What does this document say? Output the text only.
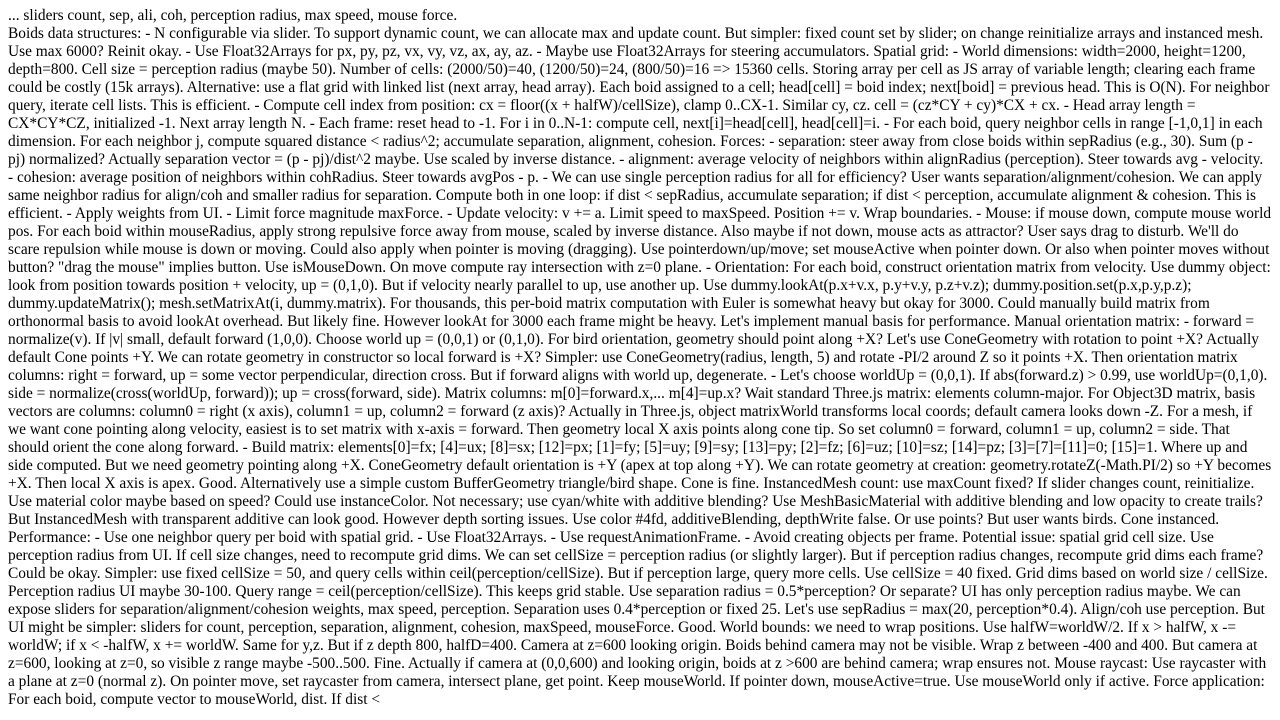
... sliders count, sep, ali, coh, perception radius, max speed, mouse force.

Boids data structures: - N configurable via slider. To support dynamic count, we can allocate max and update count. But simpler: fixed count set by slider; on change reinitialize arrays and instanced mesh. Use max 6000? Reinit okay. - Use Float32Arrays for px, py, pz, vx, vy, vz, ax, ay, az. - Maybe use Float32Arrays for steering accumulators. Spatial grid: - World dimensions: width=2000, height=1200, depth=800. Cell size = perception radius (maybe 50). Number of cells: (2000/50)=40, (1200/50)=24, (800/50)=16 => 15360 cells. Storing array per cell as JS array of variable length; clearing each frame could be costly (15k arrays). Alternative: use a flat grid with linked list (next array, head array). Each boid assigned to a cell; head[cell] = boid index; next[boid] = previous head. This is O(N). For neighbor query, iterate cell lists. This is efficient. - Compute cell index from position: cx = floor((x + halfW)/cellSize), clamp 0..CX-1. Similar cy, cz. cell = (cz*CY + cy)*CX + cx. - Head array length = CX*CY*CZ, initialized -1. Next array length N. - Each frame: reset head to -1. For i in 0..N-1: compute cell, next[i]=head[cell], head[cell]=i. - For each boid, query neighbor cells in range [-1,0,1] in each dimension. For each neighbor j, compute squared distance < radius^2; accumulate separation, alignment, cohesion. Forces: - separation: steer away from close boids within sepRadius (e.g., 30). Sum (p - pj) normalized? Actually separation vector = (p - pj)/dist^2 maybe. Use scaled by inverse distance. - alignment: average velocity of neighbors within alignRadius (perception). Steer towards avg - velocity. - cohesion: average position of neighbors within cohRadius. Steer towards avgPos - p. - We can use single perception radius for all for efficiency? User wants separation/alignment/cohesion. We can apply same neighbor radius for align/coh and smaller radius for separation. Compute both in one loop: if dist < sepRadius, accumulate separation; if dist < perception, accumulate alignment & cohesion. This is efficient. - Apply weights from UI. - Limit force magnitude maxForce. - Update velocity: v += a. Limit speed to maxSpeed. Position += v. Wrap boundaries. - Mouse: if mouse down, compute mouse world pos. For each boid within mouseRadius, apply strong repulsive force away from mouse, scaled by inverse distance. Also maybe if not down, mouse acts as attractor? User says drag to disturb. We'll do scare repulsion while mouse is down or moving. Could also apply when pointer is moving (dragging). Use pointerdown/up/move; set mouseActive when pointer down. Or also when pointer moves without button? "drag the mouse" implies button. Use isMouseDown. On move compute ray intersection with z=0 plane. - Orientation: For each boid, construct orientation matrix from velocity. Use dummy object: look from position towards position + velocity, up = (0,1,0). But if velocity nearly parallel to up, use another up. Use dummy.lookAt(p.x+v.x, p.y+v.y, p.z+v.z); dummy.position.set(p.x,p.y,p.z); dummy.updateMatrix(); mesh.setMatrixAt(i, dummy.matrix). For thousands, this per-boid matrix computation with Euler is somewhat heavy but okay for 3000. Could manually build matrix from orthonormal basis to avoid lookAt overhead. But likely fine. However lookAt for 3000 each frame might be heavy. Let's implement manual basis for performance. Manual orientation matrix: - forward = normalize(v). If |v| small, default forward (1,0,0). Choose world up = (0,0,1) or (0,1,0). For bird orientation, geometry should point along +X? Let's use ConeGeometry with rotation to point +X? Actually default Cone points +Y. We can rotate geometry in constructor so local forward is +X? Simpler: use ConeGeometry(radius, length, 5) and rotate -PI/2 around Z so it points +X. Then orientation matrix columns: right = forward, up = some vector perpendicular, direction cross. But if forward aligns with world up, degenerate. - Let's choose worldUp = (0,0,1). If abs(forward.z) > 0.99, use worldUp=(0,1,0). side = normalize(cross(worldUp, forward)); up = cross(forward, side). Matrix columns: m[0]=forward.x,... m[4]=up.x? Wait standard Three.js matrix: elements column-major. For Object3D matrix, basis vectors are columns: column0 = right (x axis), column1 = up, column2 = forward (z axis)? Actually in Three.js, object matrixWorld transforms local coords; default camera looks down -Z. For a mesh, if we want cone pointing along velocity, easiest is to set matrix with x-axis = forward. Then geometry local X axis points along cone tip. So set column0 = forward, column1 = up, column2 = side. That should orient the cone along forward. - Build matrix: elements[0]=fx; [4]=ux; [8]=sx; [12]=px; [1]=fy; [5]=uy; [9]=sy; [13]=py; [2]=fz; [6]=uz; [10]=sz; [14]=pz; [3]=[7]=[11]=0; [15]=1. Where up and side computed. But we need geometry pointing along +X. ConeGeometry default orientation is +Y (apex at top along +Y). We can rotate geometry at creation: geometry.rotateZ(-Math.PI/2) so +Y becomes +X. Then local X axis is apex. Good. Alternatively use a simple custom BufferGeometry triangle/bird shape. Cone is fine. InstancedMesh count: use maxCount fixed? If slider changes count, reinitialize. Use material color maybe based on speed? Could use instanceColor. Not necessary; use cyan/white with additive blending? Use MeshBasicMaterial with additive blending and low opacity to create trails? But InstancedMesh with transparent additive can look good. However depth sorting issues. Use color #4fd, additiveBlending, depthWrite false. Or use points? But user wants birds. Cone instanced. Performance: - Use one neighbor query per boid with spatial grid. - Use Float32Arrays. - Use requestAnimationFrame. - Avoid creating objects per frame. Potential issue: spatial grid cell size. Use perception radius from UI. If cell size changes, need to recompute grid dims. We can set cellSize = perception radius (or slightly larger). But if perception radius changes, recompute grid dims each frame? Could be okay. Simpler: use fixed cellSize = 50, and query cells within ceil(perception/cellSize). But if perception large, query more cells. Use cellSize = 40 fixed. Grid dims based on world size / cellSize. Perception radius UI maybe 30-100. Query range = ceil(perception/cellSize). This keeps grid stable. Use separation radius = 0.5*perception? Or separate? UI has only perception radius maybe. We can expose sliders for separation/alignment/cohesion weights, max speed, perception. Separation uses 0.4*perception or fixed 25. Let's use sepRadius = max(20, perception*0.4). Align/coh use perception. But UI might be simpler: sliders for count, perception, separation, alignment, cohesion, maxSpeed, mouseForce. Good. World bounds: we need to wrap positions. Use halfW=worldW/2. If x > halfW, x -= worldW; if x < -halfW, x += worldW. Same for y,z. But if z depth 800, halfD=400. Camera at z=600 looking origin. Boids behind camera may not be visible. Wrap z between -400 and 400. But camera at z=600, looking at z=0, so visible z range maybe -500..500. Fine. Actually if camera at (0,0,600) and looking origin, boids at z >600 are behind camera; wrap ensures not. Mouse raycast: Use raycaster with a plane at z=0 (normal z). On pointer move, set raycaster from camera, intersect plane, get point. Keep mouseWorld. If pointer down, mouseActive=true. Use mouseWorld only if active. Force application: For each boid, compute vector to mouseWorld, dist. If dist <
